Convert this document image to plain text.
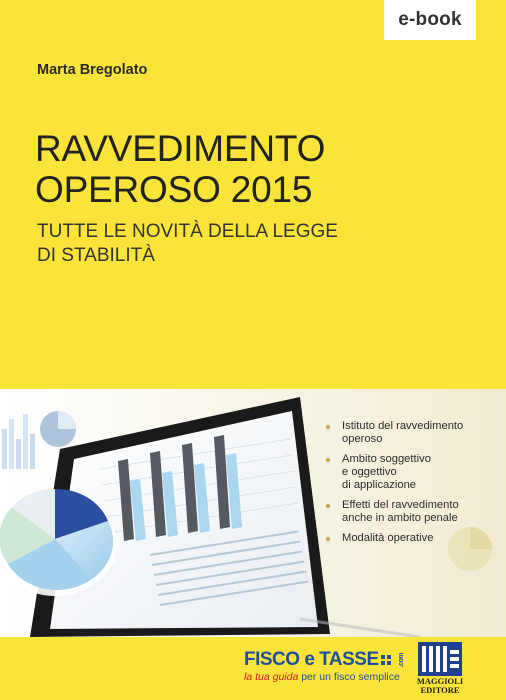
e-book
Marta Bregolato
RAVVEDIMENTO
OPEROSO 2015
TUTTE LE NOVITÀ DELLA LEGGE
DI STABILITÀ
Istituto del ravvedimento
operoso
Ambito soggettivo
e oggettivo
di applicazione
Effetti del ravvedimento
anche in ambito penale
Modalità operative
FISCO e TASSE	.com
la tua guida per un fisco semplice	MAGGIOLI
EDITORE
